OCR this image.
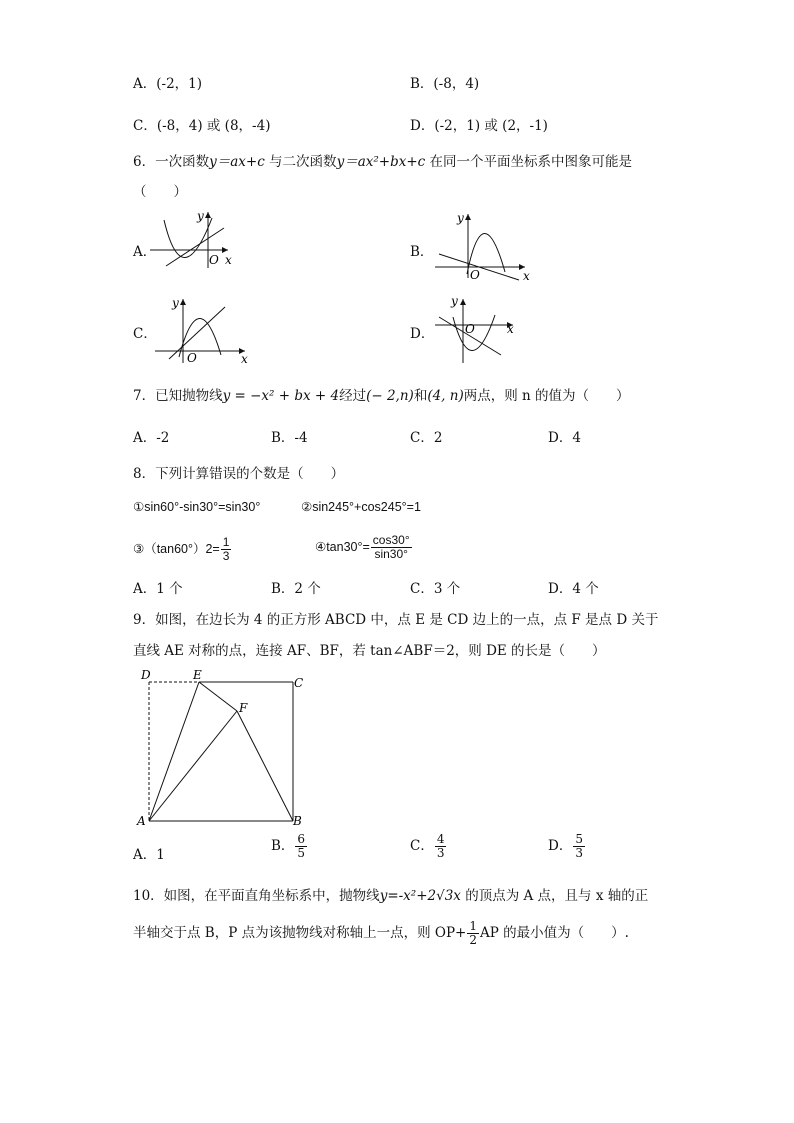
A．(-2，1)	B．(-8，4)
C．(-8，4) 或 (8，-4)	D．(-2，1) 或 (2，-1)
6．一次函数y＝ax+c 与二次函数y＝ax²+bx+c 在同一个平面坐标系中图象可能是
（　　）
A．	B．
C．	D．
y
x
O
y
x
O
y
x
O
y
x
O
7．已知抛物线y = −x² + bx + 4经过(− 2,n)和(4, n)两点，则 n 的值为（　　）
A．-2	B．-4	C．2	D．4
8．下列计算错误的个数是（　　）
①sin60°-sin30°=sin30°	②sin245°+cos245°=1
③（tan60°）2= $\frac{1}{3}$	④tan30°= $\frac{\cos 30^\circ}{\sin 30^\circ}$
A．1 个	B．2 个	C．3 个	D．4 个
9．如图，在边长为 4 的正方形 ABCD 中，点 E 是 CD 边上的一点，点 F 是点 D 关于
直线 AE 对称的点，连接 AF、BF，若 tan∠ABF＝2，则 DE 的长是（　　）
D	E
C
F
A	B
A．1
B． $\frac{6}{5}$	C． $\frac{4}{3}$	D． $\frac{5}{3}$
10．如图，在平面直角坐标系中，抛物线y=-x²+2√3x 的顶点为 A 点，且与 x 轴的正
半轴交于点 B，P 点为该抛物线对称轴上一点，则 $OP+ \frac{1}{2}$ AP 的最小值为（　　）.
